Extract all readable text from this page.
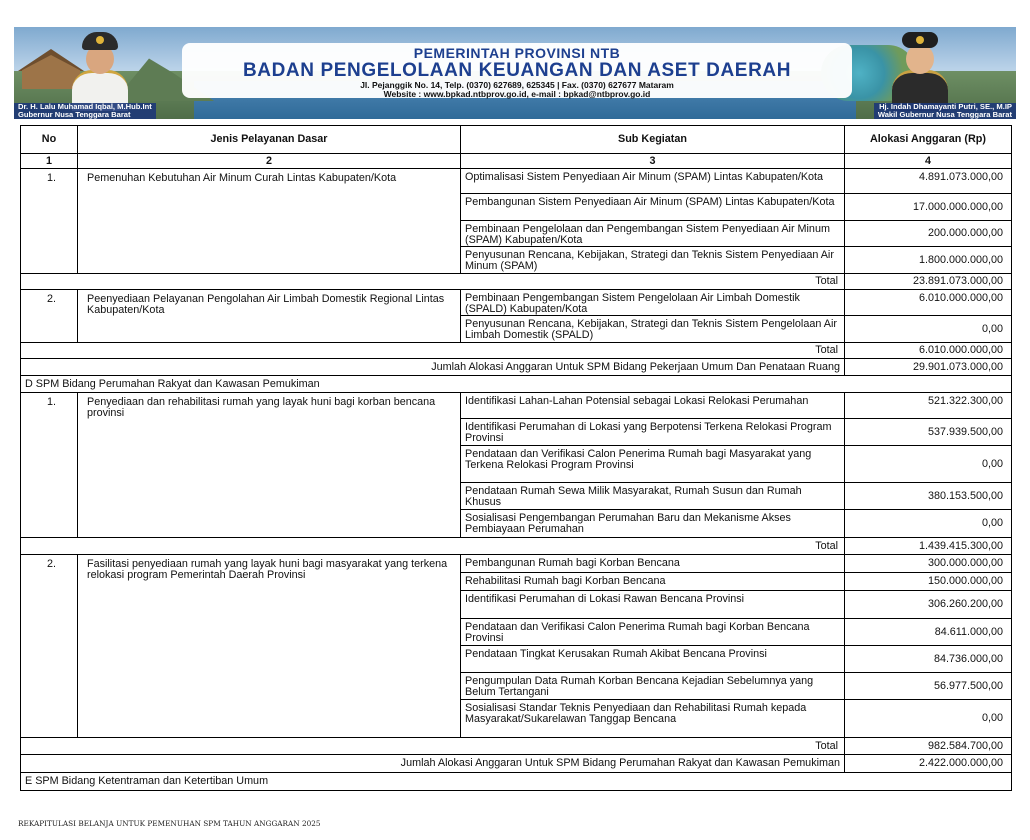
PEMERINTAH PROVINSI NTB
BADAN PENGELOLAAN KEUANGAN DAN ASET DAERAH
Jl. Pejanggik No. 14, Telp. (0370) 627689, 625345 | Fax. (0370) 627677 Mataram
Website : www.bpkad.ntbprov.go.id, e-mail : bpkad@ntbprov.go.id
Dr. H. Lalu Muhamad Iqbal, M.Hub.Int
Gubernur Nusa Tenggara Barat
Hj. Indah Dhamayanti Putri, SE., M.IP
Wakil Gubernur Nusa Tenggara Barat
No	Jenis Pelayanan Dasar	Sub Kegiatan	Alokasi Anggaran (Rp)
1	2	3	4
1.	Pemenuhan Kebutuhan Air Minum Curah Lintas Kabupaten/Kota	Optimalisasi Sistem Penyediaan Air Minum (SPAM) Lintas Kabupaten/Kota	4.891.073.000,00
		Pembangunan Sistem Penyediaan Air Minum (SPAM) Lintas Kabupaten/Kota	17.000.000.000,00
		Pembinaan Pengelolaan dan Pengembangan Sistem Penyediaan Air Minum (SPAM) Kabupaten/Kota	200.000.000,00
		Penyusunan Rencana, Kebijakan, Strategi dan Teknis Sistem Penyediaan Air Minum (SPAM)	1.800.000.000,00
Total			23.891.073.000,00
2.	Peenyediaan Pelayanan Pengolahan Air Limbah Domestik Regional Lintas Kabupaten/Kota	Pembinaan Pengembangan Sistem Pengelolaan Air Limbah Domestik (SPALD) Kabupaten/Kota	6.010.000.000,00
		Penyusunan Rencana, Kebijakan, Strategi dan Teknis Sistem Pengelolaan Air Limbah Domestik (SPALD)	0,00
Total			6.010.000.000,00
Jumlah Alokasi Anggaran Untuk SPM Bidang Pekerjaan Umum Dan Penataan Ruang			29.901.073.000,00
D SPM Bidang Perumahan Rakyat dan Kawasan Pemukiman			
1.	Penyediaan dan rehabilitasi rumah yang layak huni bagi korban bencana provinsi	Identifikasi Lahan-Lahan Potensial sebagai Lokasi Relokasi Perumahan	521.322.300,00
		Identifikasi Perumahan di Lokasi yang Berpotensi Terkena Relokasi Program Provinsi	537.939.500,00
		Pendataan dan Verifikasi Calon Penerima Rumah bagi Masyarakat yang Terkena Relokasi Program Provinsi	0,00
		Pendataan Rumah Sewa Milik Masyarakat, Rumah Susun dan Rumah Khusus	380.153.500,00
		Sosialisasi Pengembangan Perumahan Baru dan Mekanisme Akses Pembiayaan Perumahan	0,00
Total			1.439.415.300,00
2.	Fasilitasi penyediaan rumah yang layak huni bagi masyarakat yang terkena relokasi program Pemerintah Daerah Provinsi	Pembangunan Rumah bagi Korban Bencana	300.000.000,00
		Rehabilitasi Rumah bagi Korban Bencana	150.000.000,00
		Identifikasi Perumahan di Lokasi Rawan Bencana Provinsi	306.260.200,00
		Pendataan dan Verifikasi Calon Penerima Rumah bagi Korban Bencana Provinsi	84.611.000,00
		Pendataan Tingkat Kerusakan Rumah Akibat Bencana Provinsi	84.736.000,00
		Pengumpulan Data Rumah Korban Bencana Kejadian Sebelumnya yang Belum Tertangani	56.977.500,00
		Sosialisasi Standar Teknis Penyediaan dan Rehabilitasi Rumah kepada Masyarakat/Sukarelawan Tanggap Bencana	0,00
Total			982.584.700,00
Jumlah Alokasi Anggaran Untuk SPM Bidang Perumahan Rakyat dan Kawasan Pemukiman			2.422.000.000,00
E SPM Bidang Ketentraman dan Ketertiban Umum			
REKAPITULASI BELANJA UNTUK PEMENUHAN SPM TAHUN ANGGARAN 2025
